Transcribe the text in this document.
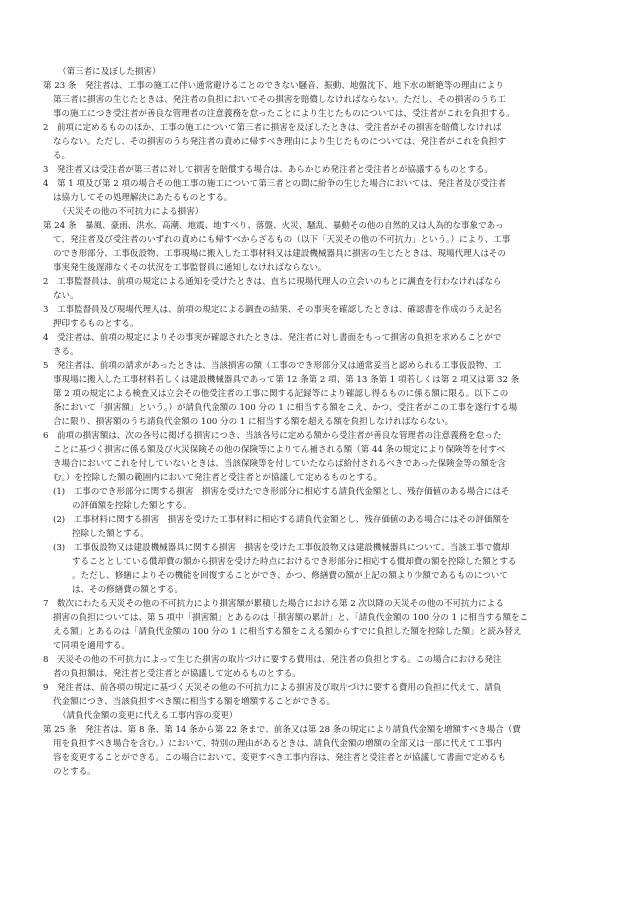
（第三者に及ぼした損害）
第 23 条　発注者は、工事の施工に伴い通常避けることのできない騒音、振動、地盤沈下、地下水の断絶等の理由により
第三者に損害の生じたときは、発注者の負担においてその損害を賠償しなければならない。ただし、その損害のうち工
事の施工につき受注者が善良な管理者の注意義務を怠ったことにより生じたものについては、受注者がこれを負担する。
2　前項に定めるもののほか、工事の施工について第三者に損害を及ぼしたときは、受注者がその損害を賠償しなければ
ならない。ただし、その損害のうち発注者の責めに帰すべき理由により生じたものについては、発注者がこれを負担す
る。
3　発注者又は受注者が第三者に対して損害を賠償する場合は、あらかじめ発注者と受注者とが協議するものとする。
4　第 1 項及び第 2 項の場合その他工事の施工について第三者との間に紛争の生じた場合においては、発注者及び受注者
は協力してその処理解決にあたるものとする。
（天災その他の不可抗力による損害）
第 24 条　暴風、豪雨、洪水、高潮、地震、地すべり、落盤、火災、騒乱、暴動その他の自然的又は人為的な事象であっ
て、発注者及び受注者のいずれの責めにも帰すべからざるもの（以下「天災その他の不可抗力」という。）により、工事
のでき形部分、工事仮設物、工事現場に搬入した工事材料又は建設機械器具に損害の生じたときは、現場代理人はその
事実発生後遅滞なくその状況を工事監督員に通知しなければならない。
2　工事監督員は、前項の規定による通知を受けたときは、直ちに現場代理人の立会いのもとに調査を行わなければなら
ない。
3　工事監督員及び現場代理人は、前項の規定による調査の結果、その事実を確認したときは、確認書を作成のうえ記名
押印するものとする。
4　受注者は、前項の規定によりその事実が確認されたときは、発注者に対し書面をもって損害の負担を求めることがで
きる。
5　発注者は、前項の請求があったときは、当該損害の額（工事のでき形部分又は通常妥当と認められる工事仮設物、工
事現場に搬入した工事材料若しくは建設機械器具であって第 12 条第 2 項、第 13 条第 1 項若しくは第 2 項又は第 32 条
第 2 項の規定による検査又は立会その他受注者の工事に関する記録等により確認し得るものに係る額に限る。以下この
条において「損害額」という。）が請負代金額の 100 分の 1 に相当する額をこえ、かつ、受注者がこの工事を遂行する場
合に限り、損害額のうち請負代金額の 100 分の 1 に相当する額を超える額を負担しなければならない。
6　前項の損害額は、次の各号に掲げる損害につき、当該各号に定める額から受注者が善良な管理者の注意義務を怠った
ことに基づく損害に係る額及び火災保険その他の保険等によりてん補される額（第 44 条の規定により保険等を付すべ
き場合においてこれを付していないときは、当該保険等を付していたならば給付されるべきであった保険金等の額を含
む。）を控除した額の範囲内において発注者と受注者とが協議して定めるものとする。
(1)　工事のでき形部分に関する損害　損害を受けたでき形部分に相応する請負代金額とし、残存価値のある場合にはそ
の評価額を控除した額とする。
(2)　工事材料に関する損害　損害を受けた工事材料に相応する請負代金額とし、残存価値のある場合にはその評価額を
控除した額とする。
(3)　工事仮設物又は建設機械器具に関する損害　損害を受けた工事仮設物又は建設機械器具について、当該工事で償却
することとしている償却費の額から損害を受けた時点におけるでき形部分に相応する償却費の額を控除した額とする
。ただし、修繕によりその機能を回復することができ、かつ、修繕費の額が上記の額より少額であるものについて
は、その修繕費の額とする。
7　数次にわたる天災その他の不可抗力により損害額が累積した場合における第 2 次以降の天災その他の不可抗力による
損害の負担については、第 5 項中「損害額」とあるのは「損害額の累計」と、「請負代金額の 100 分の 1 に相当する額をこ
える額」とあるのは「請負代金額の 100 分の 1 に相当する額をこえる額からすでに負担した額を控除した額」と読み替え
て同項を適用する。
8　天災その他の不可抗力によって生じた損害の取片づけに要する費用は、発注者の負担とする。この場合における発注
者の負担額は、発注者と受注者とが協議して定めるものとする。
9　発注者は、前各項の規定に基づく天災その他の不可抗力による損害及び取片づけに要する費用の負担に代えて、請負
代金額につき、当該負担すべき額に相当する額を増額することができる。
（請負代金額の変更に代える工事内容の変更）
第 25 条　発注者は、第 8 条、第 14 条から第 22 条まで、前条又は第 28 条の規定により請負代金額を増額すべき場合（費
用を負担すべき場合を含む。）において、特別の理由があるときは、請負代金額の増額の全部又は一部に代えて工事内
容を変更することができる。この場合において、変更すべき工事内容は、発注者と受注者とが協議して書面で定めるも
のとする。
